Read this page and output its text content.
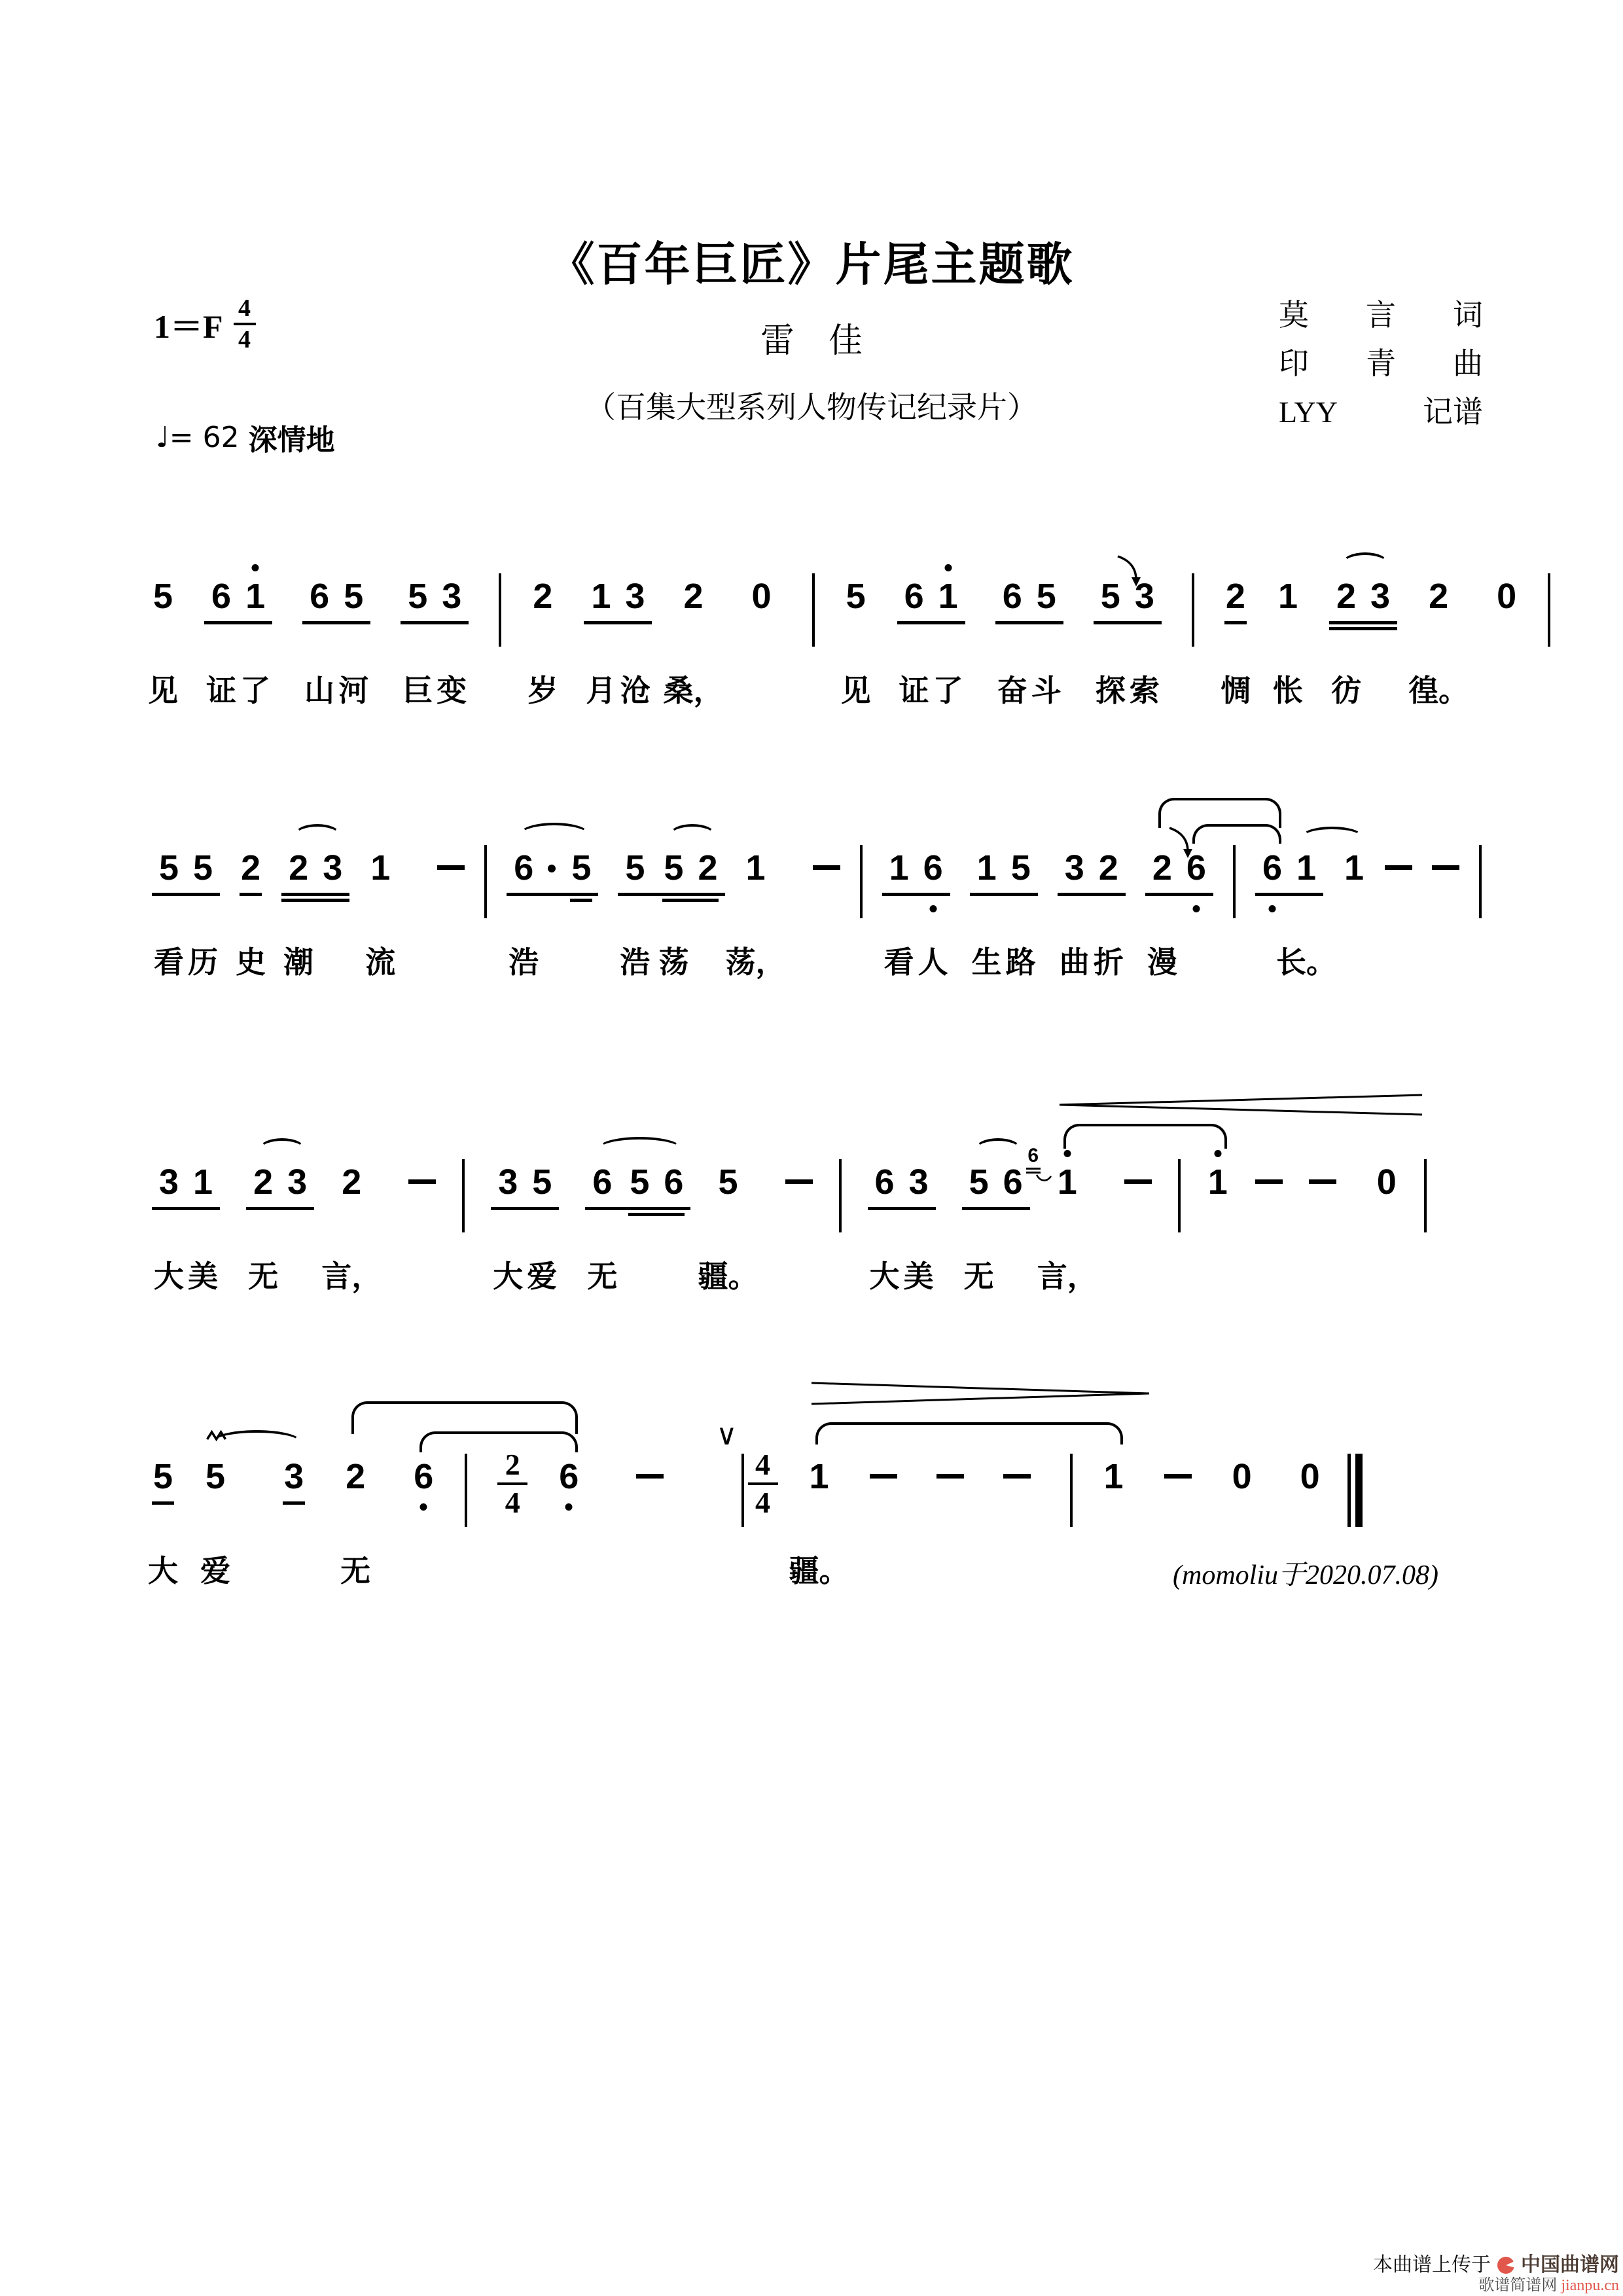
《百年巨匠》片尾主题歌
雷　佳
（百集大型系列人物传记纪录片）
$1=F \frac{4}{4}$
♩= 62 深情地
莫 言 词
印 青 曲
LYY	记谱
5
见
6
证
1
了
6
山
5
河
5
巨
3
变
2
岁
1
月
3
沧
2
桑，
0 5
见
6
证
1
了
6
奋
5
斗
5
探
3
索
2
惆
1
怅
2
彷
3 2
徨。
0
5
看
5
历
2
史
2
潮
3 1
流
6
浩
5 5
浩
5
荡
2 1
荡，
1
看
6
人
1
生
5
路
3
曲
2
折
2
漫
6 6 1
长。
1
3
大
1
美
2
无
3 2
言，
3
大
5
爱
6
无
5 6 5
疆。
6
大
3
美
5
无
6 1
言，
6
1	0
5
大
5
爱
3 2
无
6 2
4
6
∨
4
4
1
疆。
1	0 0
(momoliu于2020.07.08)
本曲谱上传于 中国曲谱网
歌谱简谱网 jianpu.cn
